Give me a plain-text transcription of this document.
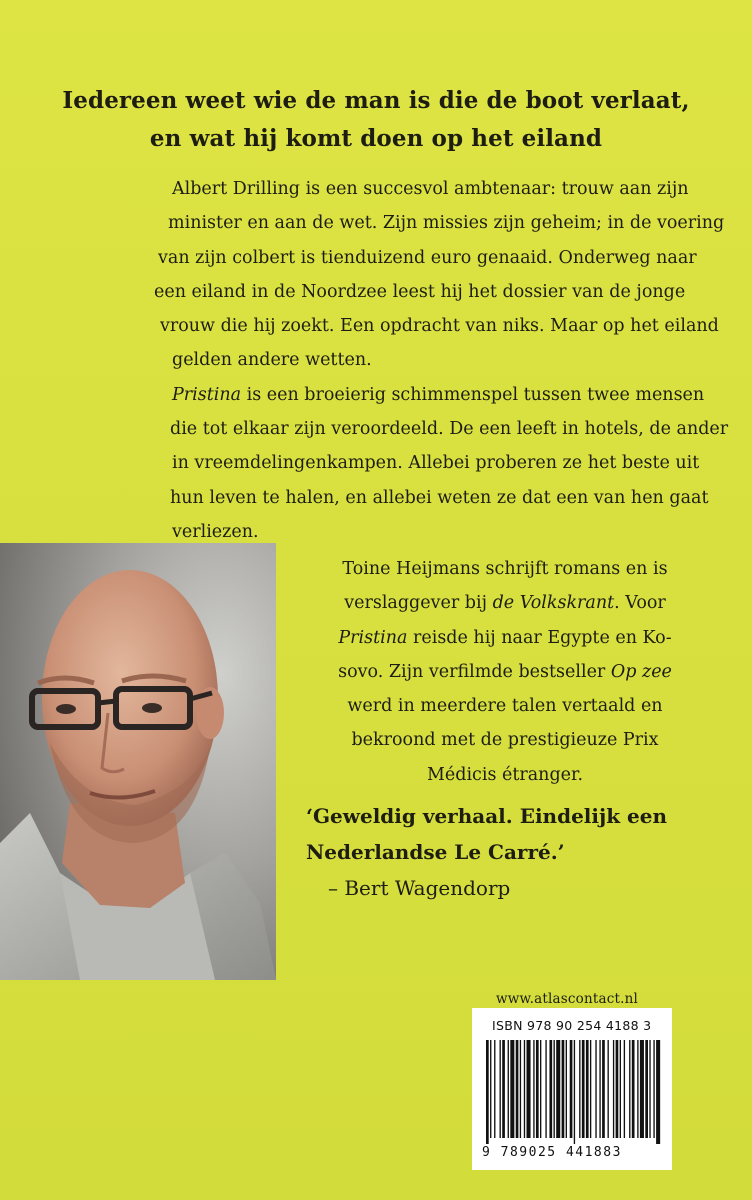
Iedereen weet wie de man is die de boot verlaat,
en wat hij komt doen op het eiland
Albert Drilling is een succesvol ambtenaar: trouw aan zijn
minister en aan de wet. Zijn missies zijn geheim; in de voering
van zijn colbert is tienduizend euro genaaid. Onderweg naar
een eiland in de Noordzee leest hij het dossier van de jonge
vrouw die hij zoekt. Een opdracht van niks. Maar op het eiland
gelden andere wetten.
Pristina is een broeierig schimmenspel tussen twee mensen
die tot elkaar zijn veroordeeld. De een leeft in hotels, de ander
in vreemdelingenkampen. Allebei proberen ze het beste uit
hun leven te halen, en allebei weten ze dat een van hen gaat
verliezen.
Toine Heijmans schrijft romans en is
verslaggever bij de Volkskrant. Voor
Pristina reisde hij naar Egypte en Ko-
sovo. Zijn verfilmde bestseller Op zee
werd in meerdere talen vertaald en
bekroond met de prestigieuze Prix
Médicis étranger.
‘Geweldig verhaal. Eindelijk een
Nederlandse Le Carré.’
– Bert Wagendorp
www.atlascontact.nl
ISBN 978 90 254 4188 3
9 789025 441883
